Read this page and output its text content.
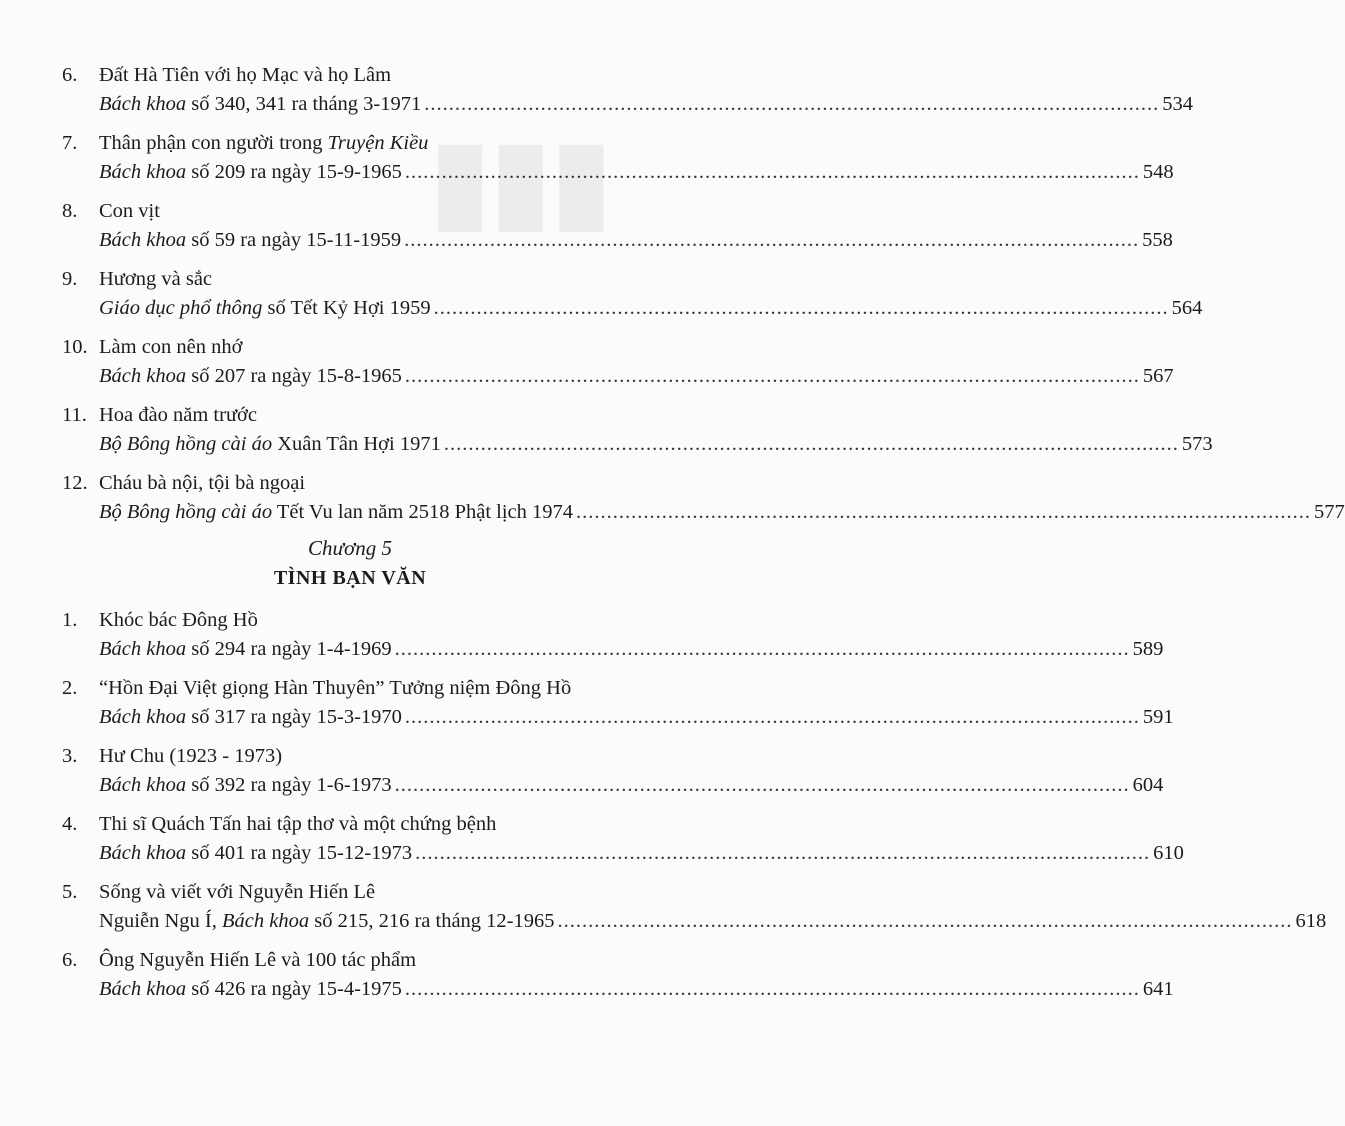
▮▮▮
6. Đất Hà Tiên với họ Mạc và họ Lâm
Bách khoa số 340, 341 ra tháng 3-1971 ........................................................................................................................ 534
7. Thân phận con người trong Truyện Kiều
Bách khoa số 209 ra ngày 15-9-1965 ........................................................................................................................ 548
8. Con vịt
Bách khoa số 59 ra ngày 15-11-1959 ........................................................................................................................ 558
9. Hương và sắc
Giáo dục phổ thông số Tết Kỷ Hợi 1959 ........................................................................................................................ 564
10. Làm con nên nhớ
Bách khoa số 207 ra ngày 15-8-1965 ........................................................................................................................ 567
11. Hoa đào năm trước
Bộ Bông hồng cài áo Xuân Tân Hợi 1971 ........................................................................................................................ 573
12. Cháu bà nội, tội bà ngoại
Bộ Bông hồng cài áo Tết Vu lan năm 2518 Phật lịch 1974 ........................................................................................................................ 577
Chương 5
TÌNH BẠN VĂN
1. Khóc bác Đông Hồ
Bách khoa số 294 ra ngày 1-4-1969 ........................................................................................................................ 589
2. “Hồn Đại Việt giọng Hàn Thuyên” Tưởng niệm Đông Hồ
Bách khoa số 317 ra ngày 15-3-1970 ........................................................................................................................ 591
3. Hư Chu (1923 - 1973)
Bách khoa số 392 ra ngày 1-6-1973 ........................................................................................................................ 604
4. Thi sĩ Quách Tấn hai tập thơ và một chứng bệnh
Bách khoa số 401 ra ngày 15-12-1973 ........................................................................................................................ 610
5. Sống và viết với Nguyễn Hiến Lê
Nguiễn Ngu Í, Bách khoa số 215, 216 ra tháng 12-1965 ........................................................................................................................ 618
6. Ông Nguyễn Hiến Lê và 100 tác phẩm
Bách khoa số 426 ra ngày 15-4-1975 ........................................................................................................................ 641
